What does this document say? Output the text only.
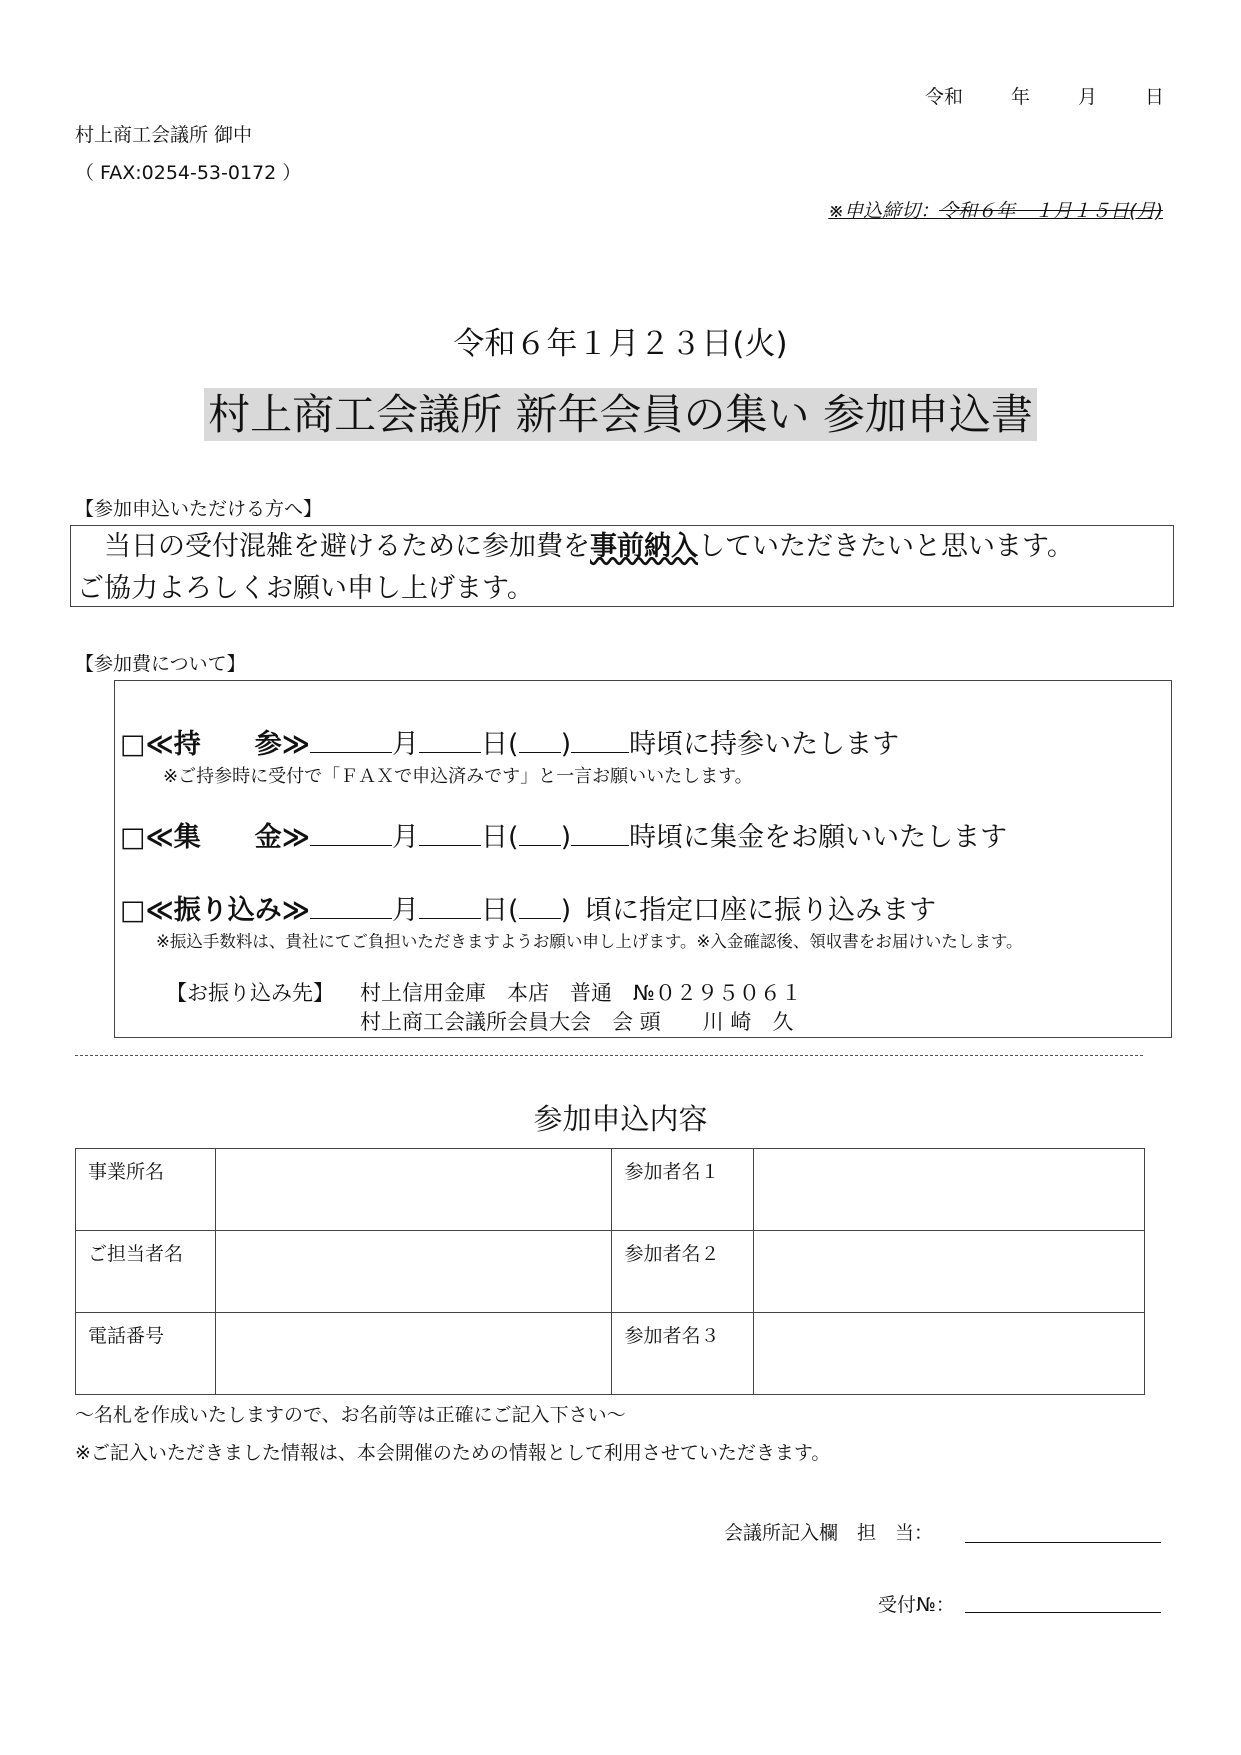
令和	年	月	日
村上商工会議所 御中
（ FAX:0254-53-0172 ）
※申込締切：令和６年　１月１５日(月)
令和６年１月２３日(火)
村上商工会議所 新年会員の集い 参加申込書
【参加申込いただける方へ】
　当日の受付混雑を避けるために参加費を事前納入していただきたいと思います。
ご協力よろしくお願い申し上げます。
【参加費について】
□≪持　　参≫	月 日( ) 時頃に持参いたします
※ご持参時に受付で「ＦＡＸで申込済みです」と一言お願いいたします。
□≪集　　金≫	月 日( ) 時頃に集金をお願いいたします
□≪振り込み≫	月 日( ) 頃に指定口座に振り込みます
※振込手数料は、貴社にてご負担いただきますようお願い申し上げます。※入金確認後、領収書をお届けいたします。
【お振り込み先】 村上信用金庫　本店　普通　№０２９５０６１
村上商工会議所会員大会　会 頭　　川 崎　久
参加申込内容
事業所名		参加者名１	
ご担当者名		参加者名２	
電話番号		参加者名３	
～名札を作成いたしますので、お名前等は正確にご記入下さい～
※ご記入いただきました情報は、本会開催のための情報として利用させていただきます。
会議所記入欄　担　当：
受付№：
